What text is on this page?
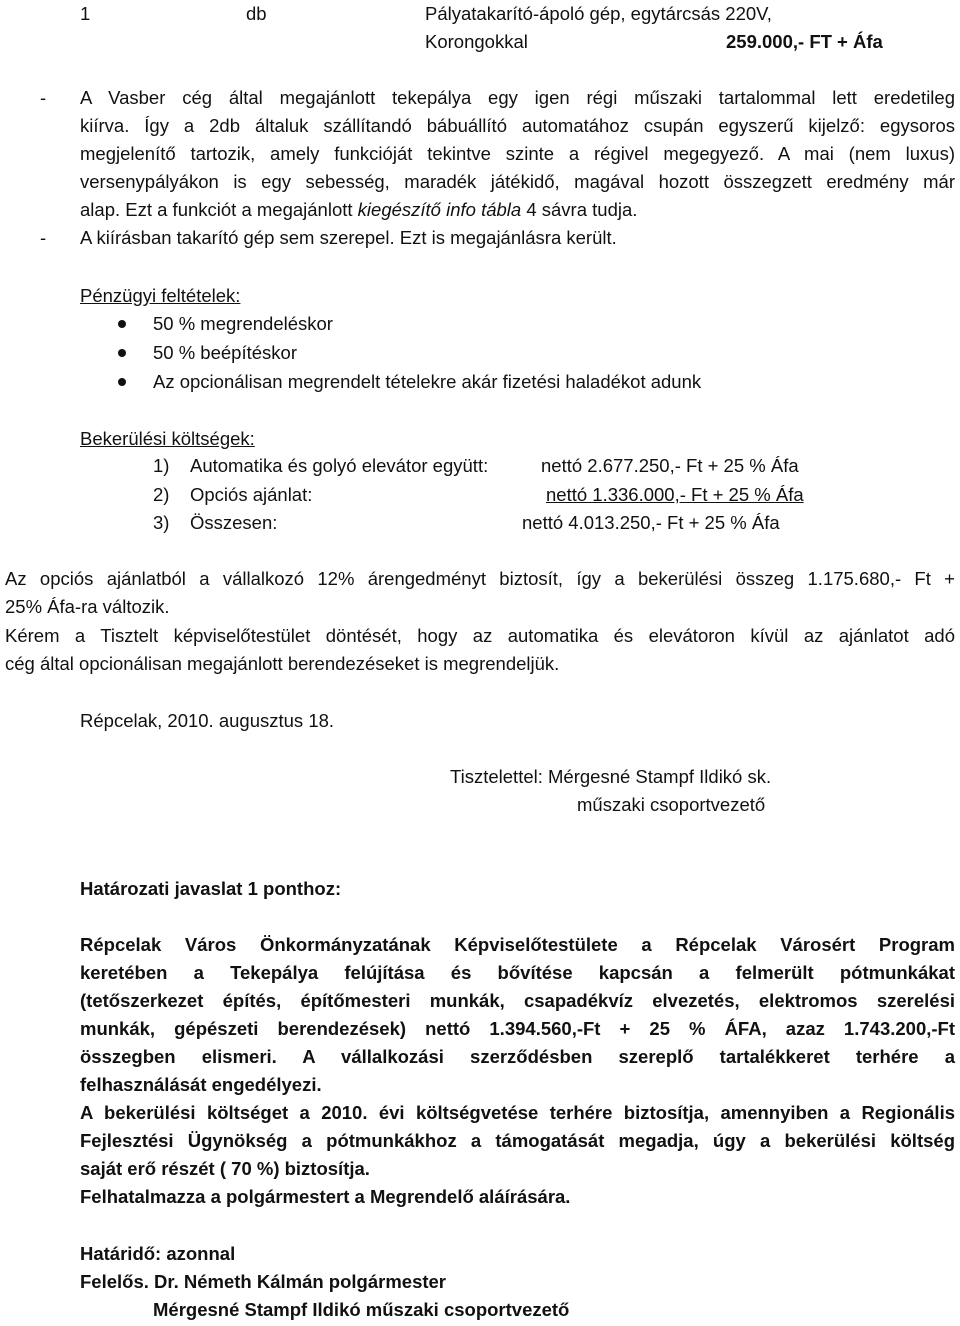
1	db	Pályatakarító-ápoló gép, egytárcsás 220V,
Korongokkal	259.000,- FT + Áfa
- A Vasber cég által megajánlott tekepálya egy igen régi műszaki tartalommal lett eredetileg
kiírva. Így a 2db általuk szállítandó bábuállító automatához csupán egyszerű kijelző: egysoros
megjelenítő tartozik, amely funkcióját tekintve szinte a régivel megegyező. A mai (nem luxus)
versenypályákon is egy sebesség, maradék játékidő, magával hozott összegzett eredmény már
alap. Ezt a funkciót a megajánlott kiegészítő info tábla 4 sávra tudja.
- A kiírásban takarító gép sem szerepel. Ezt is megajánlásra került.
Pénzügyi feltételek:
50 % megrendeléskor
50 % beépítéskor
Az opcionálisan megrendelt tételekre akár fizetési haladékot adunk
Bekerülési költségek:
1) Automatika és golyó elevátor együtt:	nettó 2.677.250,- Ft + 25 % Áfa
2) Opciós ajánlat:	nettó 1.336.000,- Ft + 25 % Áfa
3) Összesen:	nettó 4.013.250,- Ft + 25 % Áfa
Az opciós ajánlatból a vállalkozó 12% árengedményt biztosít, így a bekerülési összeg 1.175.680,- Ft +
25% Áfa-ra változik.
Kérem a Tisztelt képviselőtestület döntését, hogy az automatika és elevátoron kívül az ajánlatot adó
cég által opcionálisan megajánlott berendezéseket is megrendeljük.
Répcelak, 2010. augusztus 18.
Tisztelettel: Mérgesné Stampf Ildikó sk.
műszaki csoportvezető
Határozati javaslat 1 ponthoz:
Répcelak Város Önkormányzatának Képviselőtestülete a Répcelak Városért Program
keretében a Tekepálya felújítása és bővítése kapcsán a felmerült pótmunkákat
(tetőszerkezet építés, építőmesteri munkák, csapadékvíz elvezetés, elektromos szerelési
munkák, gépészeti berendezések) nettó 1.394.560,-Ft + 25 % ÁFA, azaz 1.743.200,-Ft
összegben elismeri. A vállalkozási szerződésben szereplő tartalékkeret terhére a
felhasználását engedélyezi.
A bekerülési költséget a 2010. évi költségvetése terhére biztosítja, amennyiben a Regionális
Fejlesztési Ügynökség a pótmunkákhoz a támogatását megadja, úgy a bekerülési költség
saját erő részét ( 70 %) biztosítja.
Felhatalmazza a polgármestert a Megrendelő aláírására.
Határidő: azonnal
Felelős. Dr. Németh Kálmán polgármester
Mérgesné Stampf Ildikó műszaki csoportvezető
